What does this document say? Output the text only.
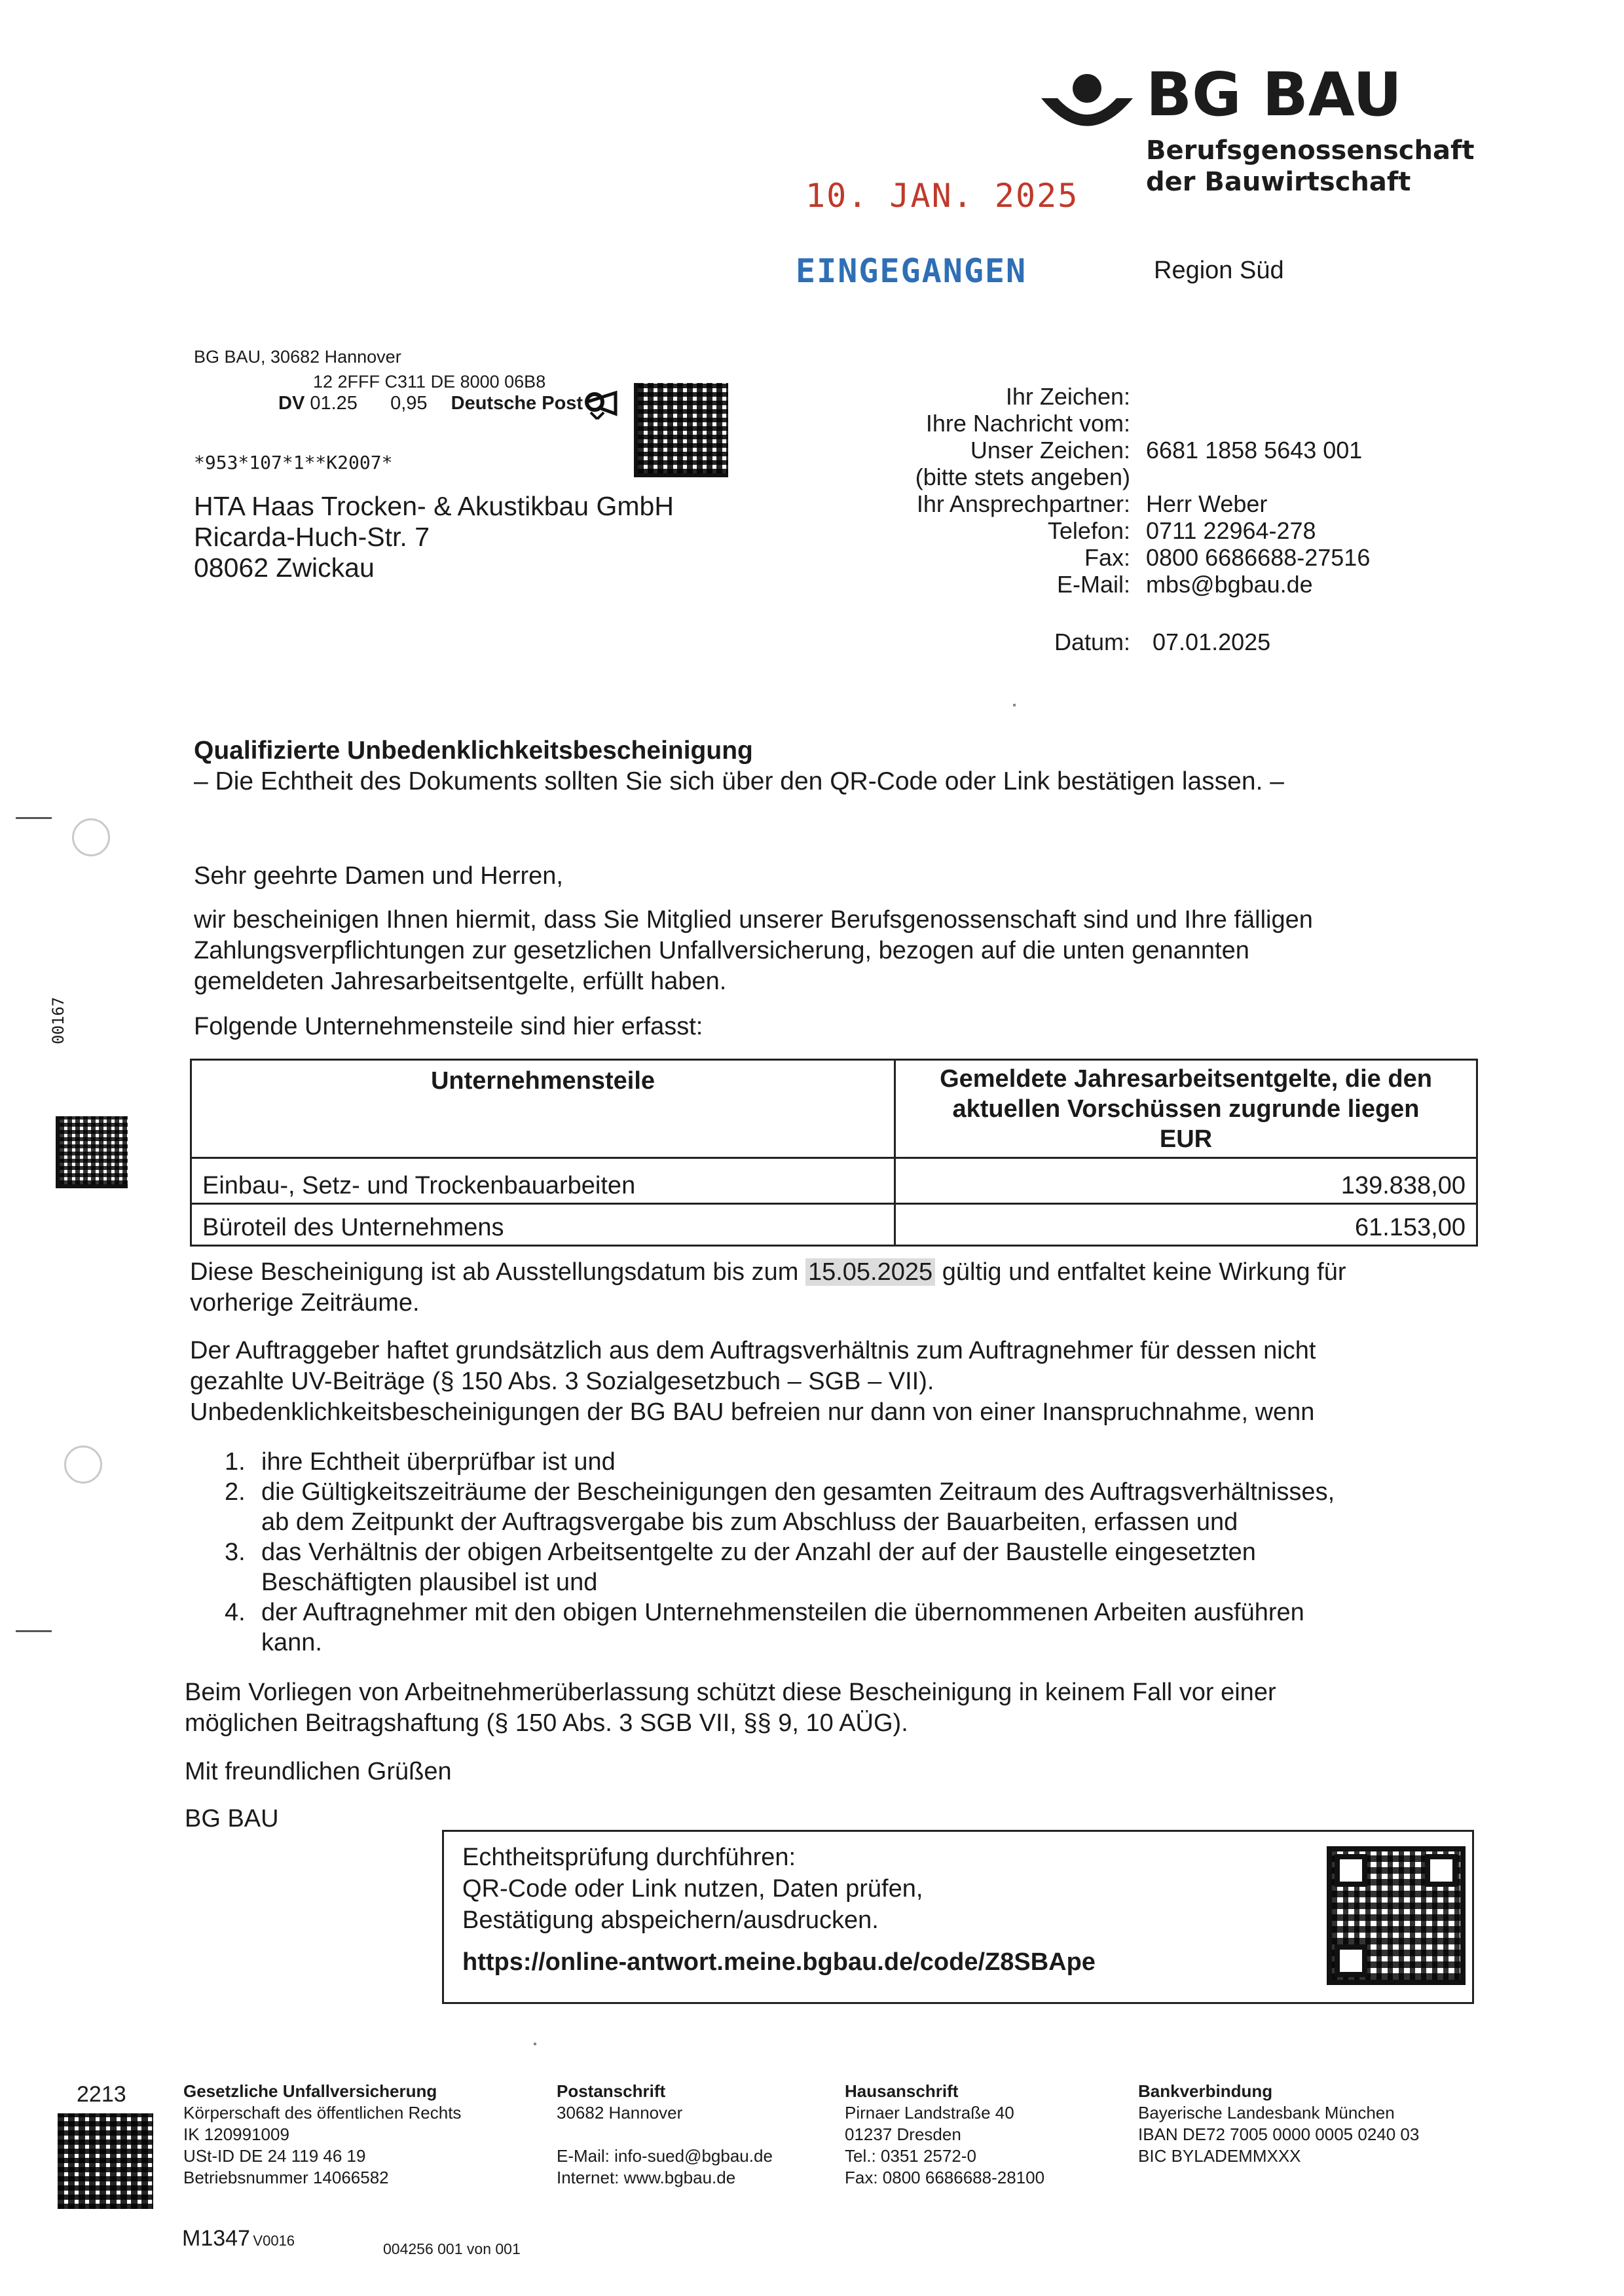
BG BAU
Berufsgenossenschaft
der Bauwirtschaft
Region Süd
10. JAN. 2025
EINGEGANGEN
BG BAU, 30682 Hannover
12 2FFF C311 DE 8000 06B8
DV 01.25 0,95 Deutsche Post
*953*107*1**K2007*
HTA Haas Trocken- & Akustikbau GmbH
Ricarda-Huch-Str. 7
08062 Zwickau
Ihr Zeichen:
Ihre Nachricht vom:
Unser Zeichen: 6681 1858 5643 001
(bitte stets angeben)
Ihr Ansprechpartner: Herr Weber
Telefon: 0711 22964-278
Fax: 0800 6686688-27516
E-Mail: mbs@bgbau.de
Datum: 07.01.2025
Qualifizierte Unbedenklichkeitsbescheinigung
– Die Echtheit des Dokuments sollten Sie sich über den QR-Code oder Link bestätigen lassen. –
Sehr geehrte Damen und Herren,
wir bescheinigen Ihnen hiermit, dass Sie Mitglied unserer Berufsgenossenschaft sind und Ihre fälligen
Zahlungsverpflichtungen zur gesetzlichen Unfallversicherung, bezogen auf die unten genannten
gemeldeten Jahresarbeitsentgelte, erfüllt haben.
Folgende Unternehmensteile sind hier erfasst:
Unternehmensteile	Gemeldete Jahresarbeitsentgelte, die den
aktuellen Vorschüssen zugrunde liegen
EUR

Einbau-, Setz- und Trockenbauarbeiten	139.838,00
Büroteil des Unternehmens	61.153,00
Diese Bescheinigung ist ab Ausstellungsdatum bis zum 15.05.2025 gültig und entfaltet keine Wirkung für
vorherige Zeiträume.
Der Auftraggeber haftet grundsätzlich aus dem Auftragsverhältnis zum Auftragnehmer für dessen nicht
gezahlte UV-Beiträge (§ 150 Abs. 3 Sozialgesetzbuch – SGB – VII).
Unbedenklichkeitsbescheinigungen der BG BAU befreien nur dann von einer Inanspruchnahme, wenn
1. ihre Echtheit überprüfbar ist und
2. die Gültigkeitszeiträume der Bescheinigungen den gesamten Zeitraum des Auftragsverhältnisses,
ab dem Zeitpunkt der Auftragsvergabe bis zum Abschluss der Bauarbeiten, erfassen und
3. das Verhältnis der obigen Arbeitsentgelte zu der Anzahl der auf der Baustelle eingesetzten
Beschäftigten plausibel ist und
4. der Auftragnehmer mit den obigen Unternehmensteilen die übernommenen Arbeiten ausführen
kann.
Beim Vorliegen von Arbeitnehmerüberlassung schützt diese Bescheinigung in keinem Fall vor einer
möglichen Beitragshaftung (§ 150 Abs. 3 SGB VII, §§ 9, 10 AÜG).
Mit freundlichen Grüßen
BG BAU
Echtheitsprüfung durchführen:
QR-Code oder Link nutzen, Daten prüfen,
Bestätigung abspeichern/ausdrucken.
https://online-antwort.meine.bgbau.de/code/Z8SBApe
00167
2213
M1347 V0016	004256 001 von 001
Gesetzliche Unfallversicherung
Körperschaft des öffentlichen Rechts
IK 120991009
USt-ID DE 24 119 46 19
Betriebsnummer 14066582
Postanschrift
30682 Hannover
E-Mail: info-sued@bgbau.de
Internet: www.bgbau.de
Hausanschrift
Pirnaer Landstraße 40
01237 Dresden
Tel.: 0351 2572-0
Fax: 0800 6686688-28100
Bankverbindung
Bayerische Landesbank München
IBAN DE72 7005 0000 0005 0240 03
BIC BYLADEMMXXX
